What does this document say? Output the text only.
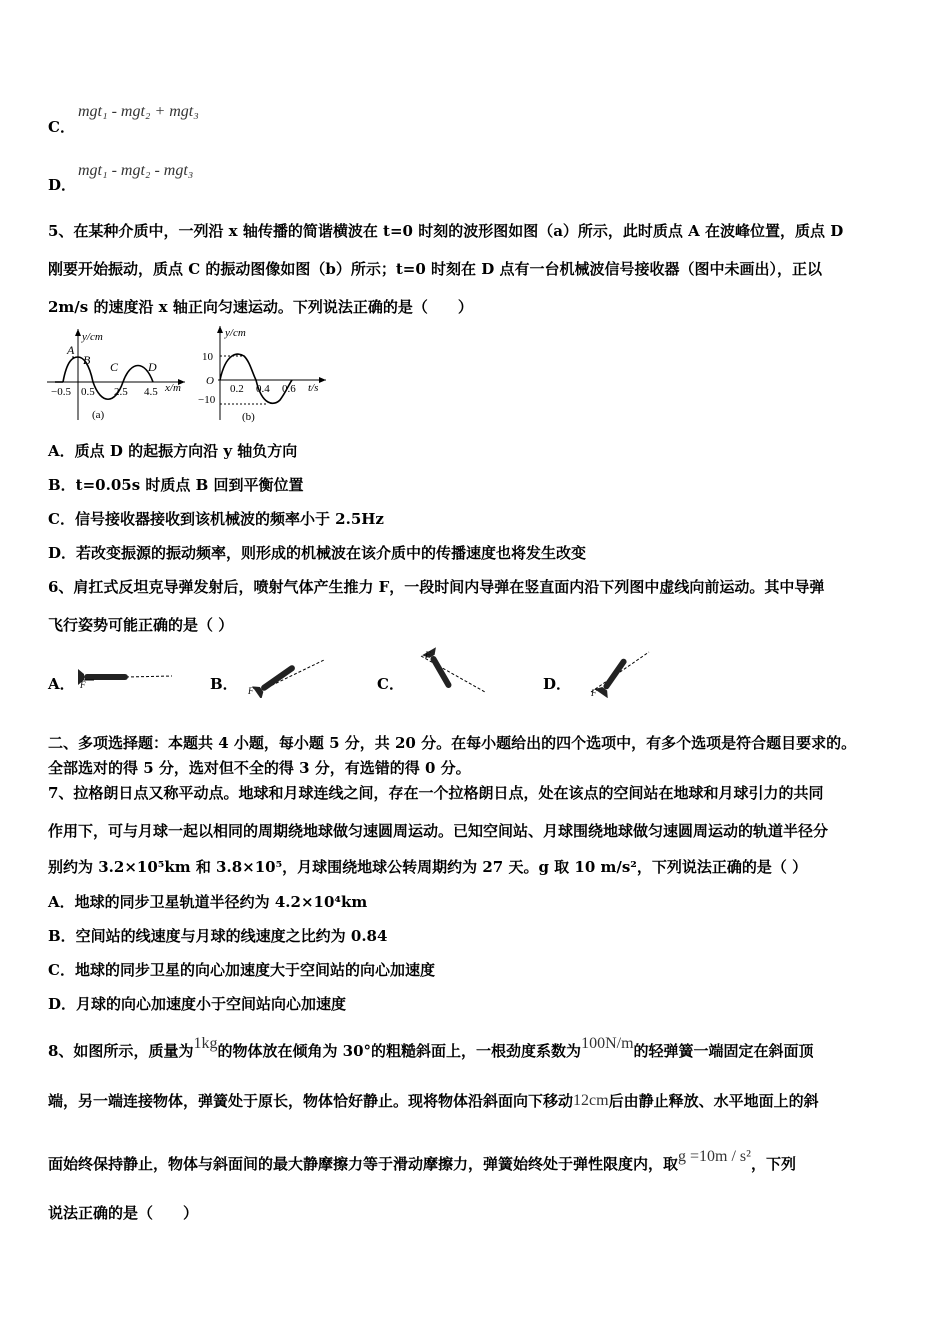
C．
mgt₁ - mgt₂ + mgt₃
D．
mgt₁ - mgt₂ - mgt₃
5、在某种介质中，一列沿 x 轴传播的简谐横波在 t=0 时刻的波形图如图（a）所示，此时质点 A 在波峰位置，质点 D
刚要开始振动，质点 C 的振动图像如图（b）所示；t=0 时刻在 D 点有一台机械波信号接收器（图中未画出），正以
2m/s 的速度沿 x 轴正向匀速运动。下列说法正确的是（　　）
y/cm
x/m
A
B C D
−0.5 0.5 2.5 4.5
(a)
y/cm
t/s
10
−10
O
0.2 0.4 0.6
(b)
A．质点 D 的起振方向沿 y 轴负方向
B．t=0.05s 时质点 B 回到平衡位置
C．信号接收器接收到该机械波的频率小于 2.5Hz
D．若改变振源的振动频率，则形成的机械波在该介质中的传播速度也将发生改变
6、肩扛式反坦克导弹发射后，喷射气体产生推力 F，一段时间内导弹在竖直面内沿下列图中虚线向前运动。其中导弹
飞行姿势可能正确的是（ ）
A． F	B． F	C．
F
D． F
二、多项选择题：本题共 4 小题，每小题 5 分，共 20 分。在每小题给出的四个选项中，有多个选项是符合题目要求的。
全部选对的得 5 分，选对但不全的得 3 分，有选错的得 0 分。
7、拉格朗日点又称平动点。地球和月球连线之间，存在一个拉格朗日点，处在该点的空间站在地球和月球引力的共同
作用下，可与月球一起以相同的周期绕地球做匀速圆周运动。已知空间站、月球围绕地球做匀速圆周运动的轨道半径分
别约为 3.2×10⁵km 和 3.8×10⁵，月球围绕地球公转周期约为 27 天。g 取 10 m/s²，下列说法正确的是（ ）
A．地球的同步卫星轨道半径约为 4.2×10⁴km
B．空间站的线速度与月球的线速度之比约为 0.84
C．地球的同步卫星的向心加速度大于空间站的向心加速度
D．月球的向心加速度小于空间站向心加速度
8、如图所示，质量为1kg的物体放在倾角为 30°的粗糙斜面上，一根劲度系数为100N/m的轻弹簧一端固定在斜面顶
端，另一端连接物体，弹簧处于原长，物体恰好静止。现将物体沿斜面向下移动12cm后由静止释放、水平地面上的斜
面始终保持静止，物体与斜面间的最大静摩擦力等于滑动摩擦力，弹簧始终处于弹性限度内，取g =10m / s²，下列
说法正确的是（　　）
